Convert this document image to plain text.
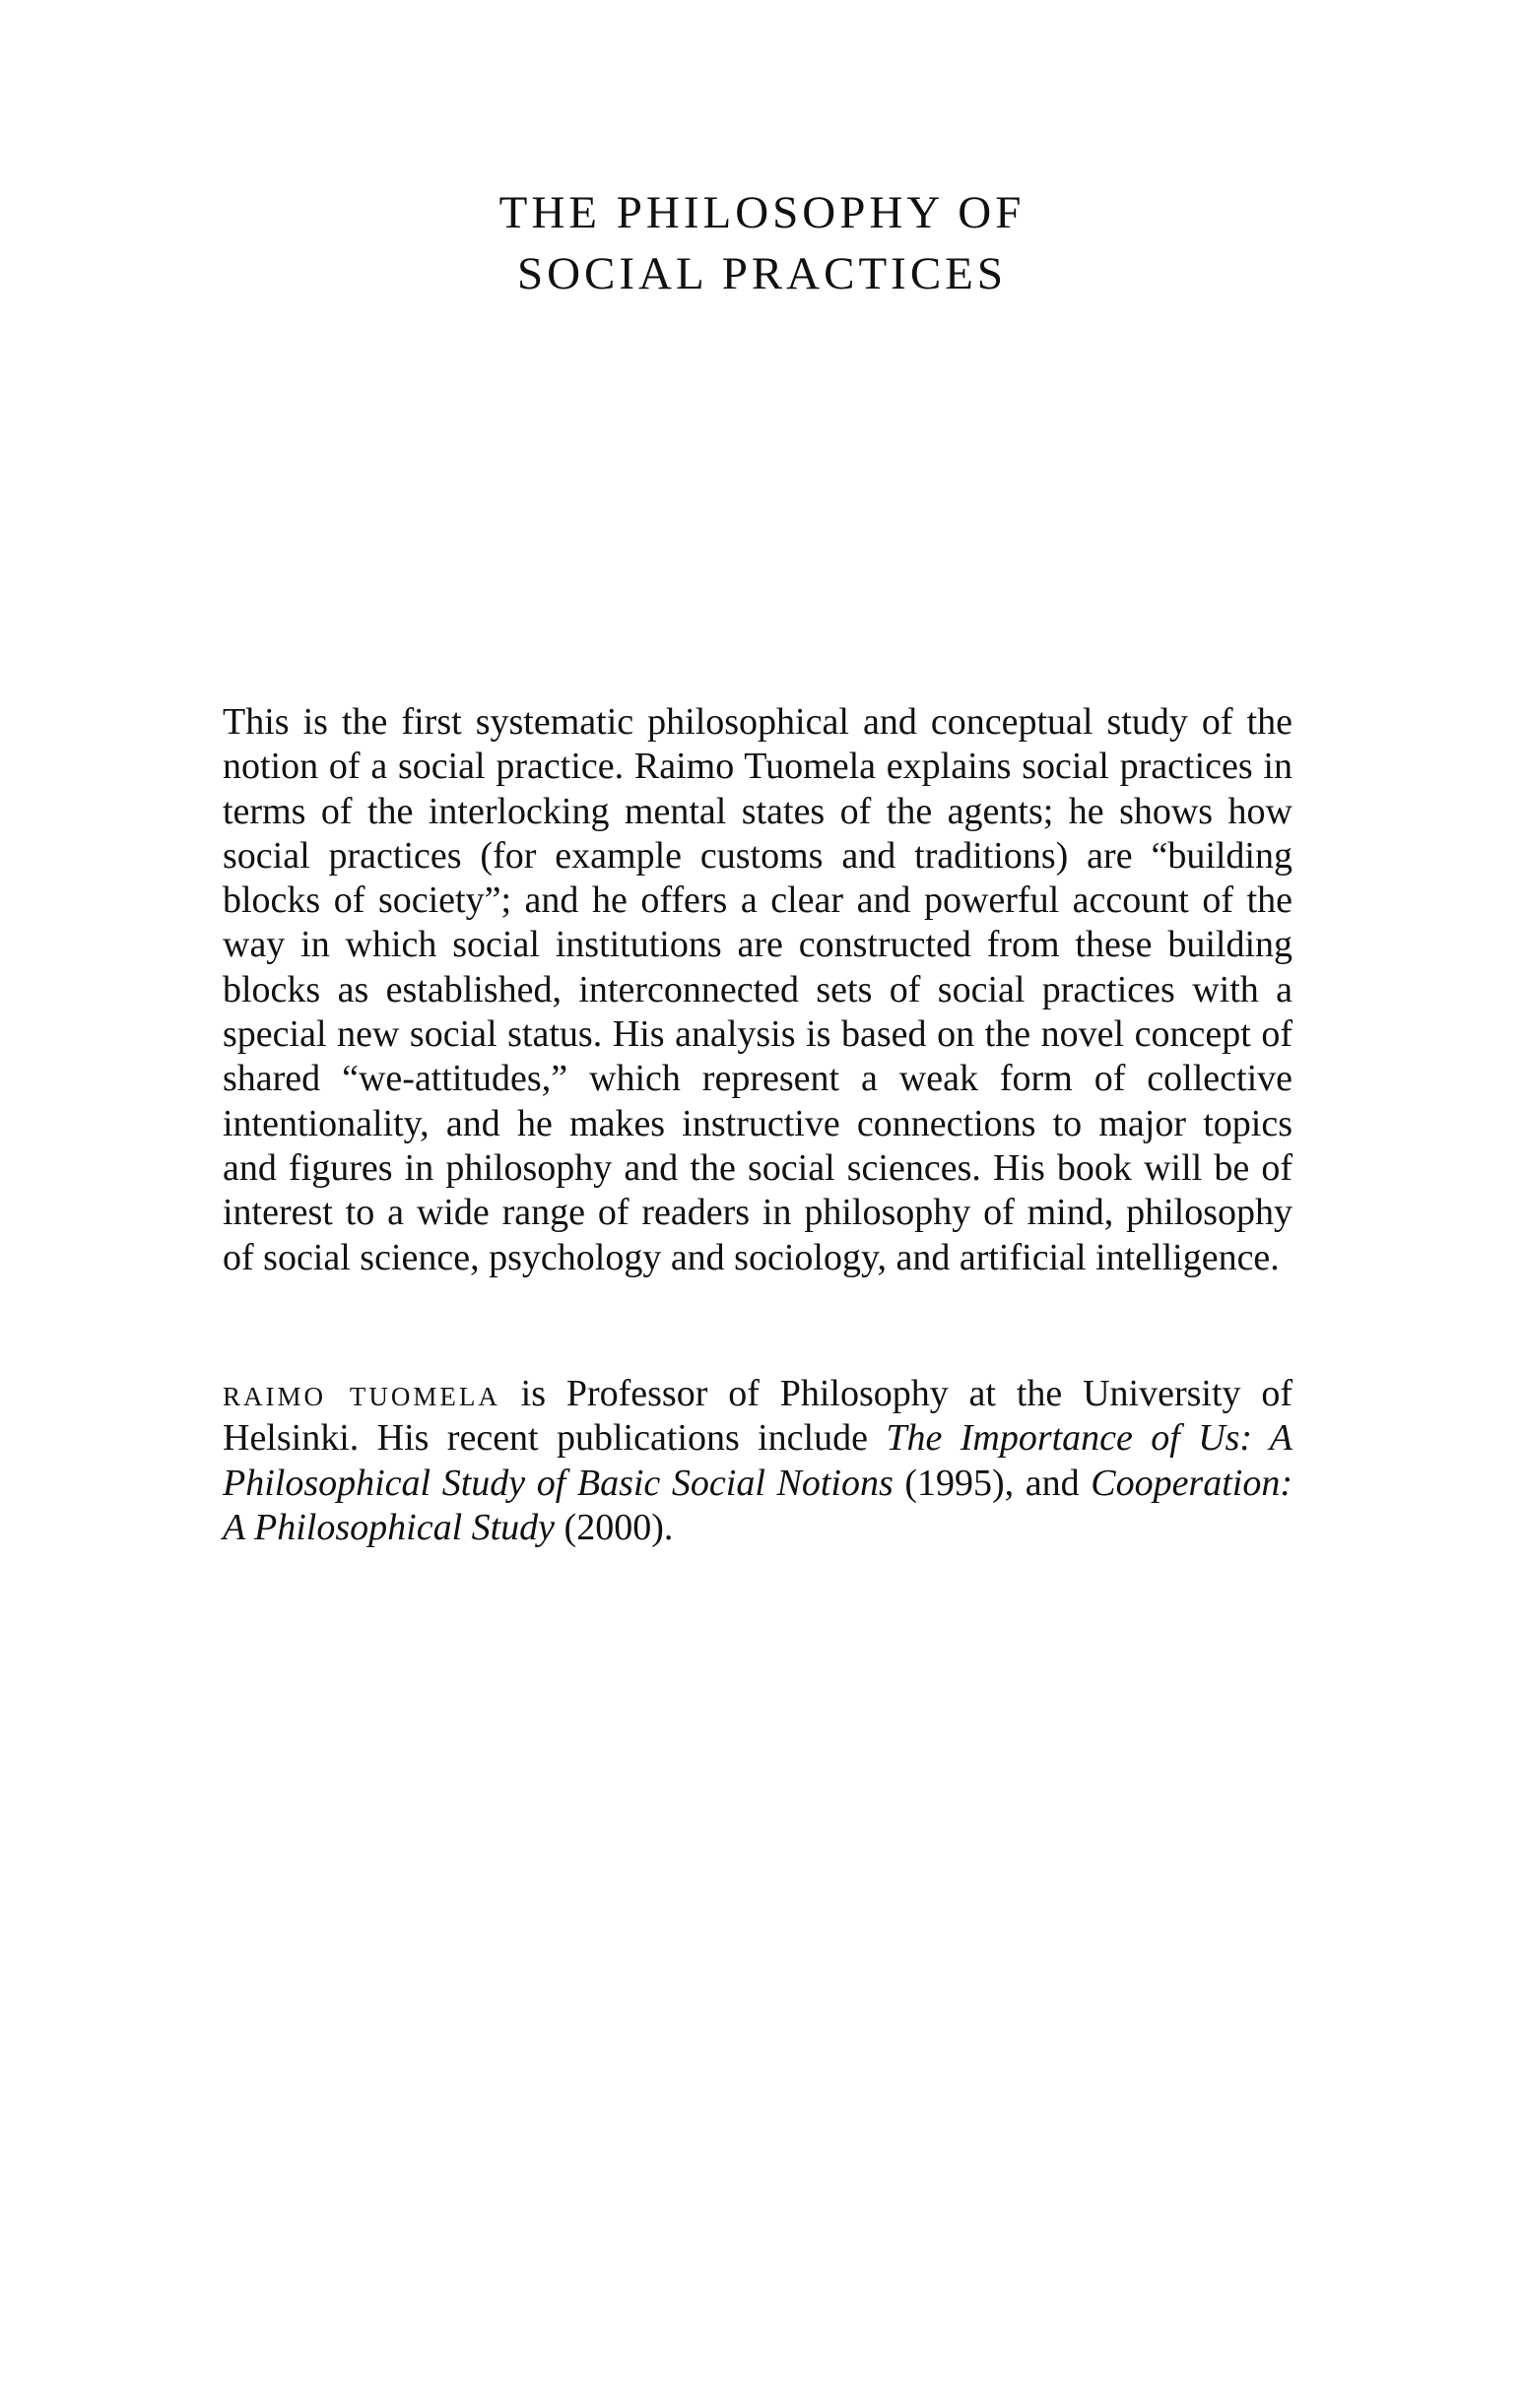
THE PHILOSOPHY OF
SOCIAL PRACTICES

This is the first systematic philosophical and conceptual study of the notion of a social practice. Raimo Tuomela explains social practices in terms of the interlocking mental states of the agents; he shows how social practices (for example customs and traditions) are “building blocks of society”; and he offers a clear and powerful account of the way in which social institutions are constructed from these building blocks as established, interconnected sets of social practices with a special new social status. His analysis is based on the novel concept of shared “we-attitudes,” which represent a weak form of collective intentionality, and he makes instructive connections to major topics and figures in philosophy and the social sciences. His book will be of interest to a wide range of readers in philosophy of mind, philosophy of social science, psychology and sociology, and artificial intelligence.

raimo tuomela is Professor of Philosophy at the University of Helsinki. His recent publications include The Importance of Us: A Philosophical Study of Basic Social Notions (1995), and Cooperation: A Philosophical Study (2000).
